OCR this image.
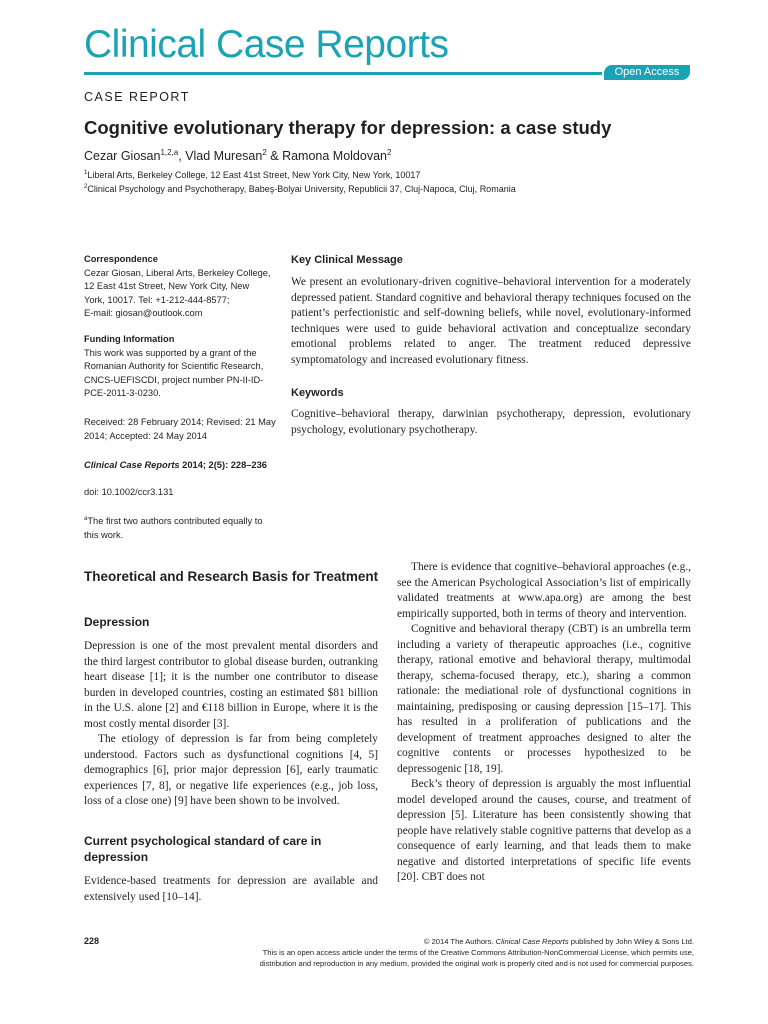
Clinical Case Reports
Open Access
CASE REPORT
Cognitive evolutionary therapy for depression: a case study
Cezar Giosan$^{1,2,a}$, Vlad Muresan$^2$ & Ramona Moldovan$^2$
$^1$Liberal Arts, Berkeley College, 12 East 41st Street, New York City, New York, 10017
$^2$Clinical Psychology and Psychotherapy, Babeş-Bolyai University, Republicii 37, Cluj-Napoca, Cluj, Romania
Correspondence
Cezar Giosan, Liberal Arts, Berkeley College,
12 East 41st Street, New York City, New
York, 10017. Tel: +1-212-444-8577;
E-mail: giosan@outlook.com
Funding Information
This work was supported by a grant of the
Romanian Authority for Scientific Research,
CNCS-UEFISCDI, project number PN-II-ID-
PCE-2011-3-0230.
Received: 28 February 2014; Revised: 21 May
2014; Accepted: 24 May 2014
Clinical Case Reports 2014; 2(5): 228–236
doi: 10.1002/ccr3.131
$^a$The first two authors contributed equally to
this work.
Key Clinical Message
We present an evolutionary-driven cognitive–behavioral intervention for a moderately depressed patient. Standard cognitive and behavioral therapy techniques focused on the patient’s perfectionistic and self-downing beliefs, while novel, evolutionary-informed techniques were used to guide behavioral activation and conceptualize secondary emotional problems related to anger. The treatment reduced depressive symptomatology and increased evolutionary fitness.
Keywords
Cognitive–behavioral therapy, darwinian psychotherapy, depression, evolutionary psychology, evolutionary psychotherapy.
Theoretical and Research Basis for Treatment
Depression

Depression is one of the most prevalent mental disorders and the third largest contributor to global disease burden, outranking heart disease [1]; it is the number one contributor to disease burden in developed countries, costing an estimated $81 billion in the U.S. alone [2] and €118 billion in Europe, where it is the most costly mental disorder [3].

The etiology of depression is far from being completely understood. Factors such as dysfunctional cognitions [4, 5] demographics [6], prior major depression [6], early traumatic experiences [7, 8], or negative life experiences (e.g., job loss, loss of a close one) [9] have been shown to be involved.

Current psychological standard of care in depression

Evidence-based treatments for depression are available and extensively used [10–14].

There is evidence that cognitive–behavioral approaches (e.g., see the American Psychological Association’s list of empirically validated treatments at www.apa.org) are among the best empirically supported, both in terms of theory and intervention.

Cognitive and behavioral therapy (CBT) is an umbrella term including a variety of therapeutic approaches (i.e., cognitive therapy, rational emotive and behavioral therapy, multimodal therapy, schema-focused therapy, etc.), sharing a common rationale: the mediational role of dysfunctional cognitions in maintaining, predisposing or causing depression [15–17]. This has resulted in a proliferation of publications and the development of treatment approaches designed to alter the cognitive contents or processes hypothesized to be depressogenic [18, 19].

Beck’s theory of depression is arguably the most influential model developed around the causes, course, and treatment of depression [5]. Literature has been consistently showing that people have relatively stable cognitive patterns that develop as a consequence of early learning, and that leads them to make negative and distorted interpretations of specific life events [20]. CBT does not

228	© 2014 The Authors. Clinical Case Reports published by John Wiley & Sons Ltd.
This is an open access article under the terms of the Creative Commons Attribution-NonCommercial License, which permits use,
distribution and reproduction in any medium, provided the original work is properly cited and is not used for commercial purposes.
